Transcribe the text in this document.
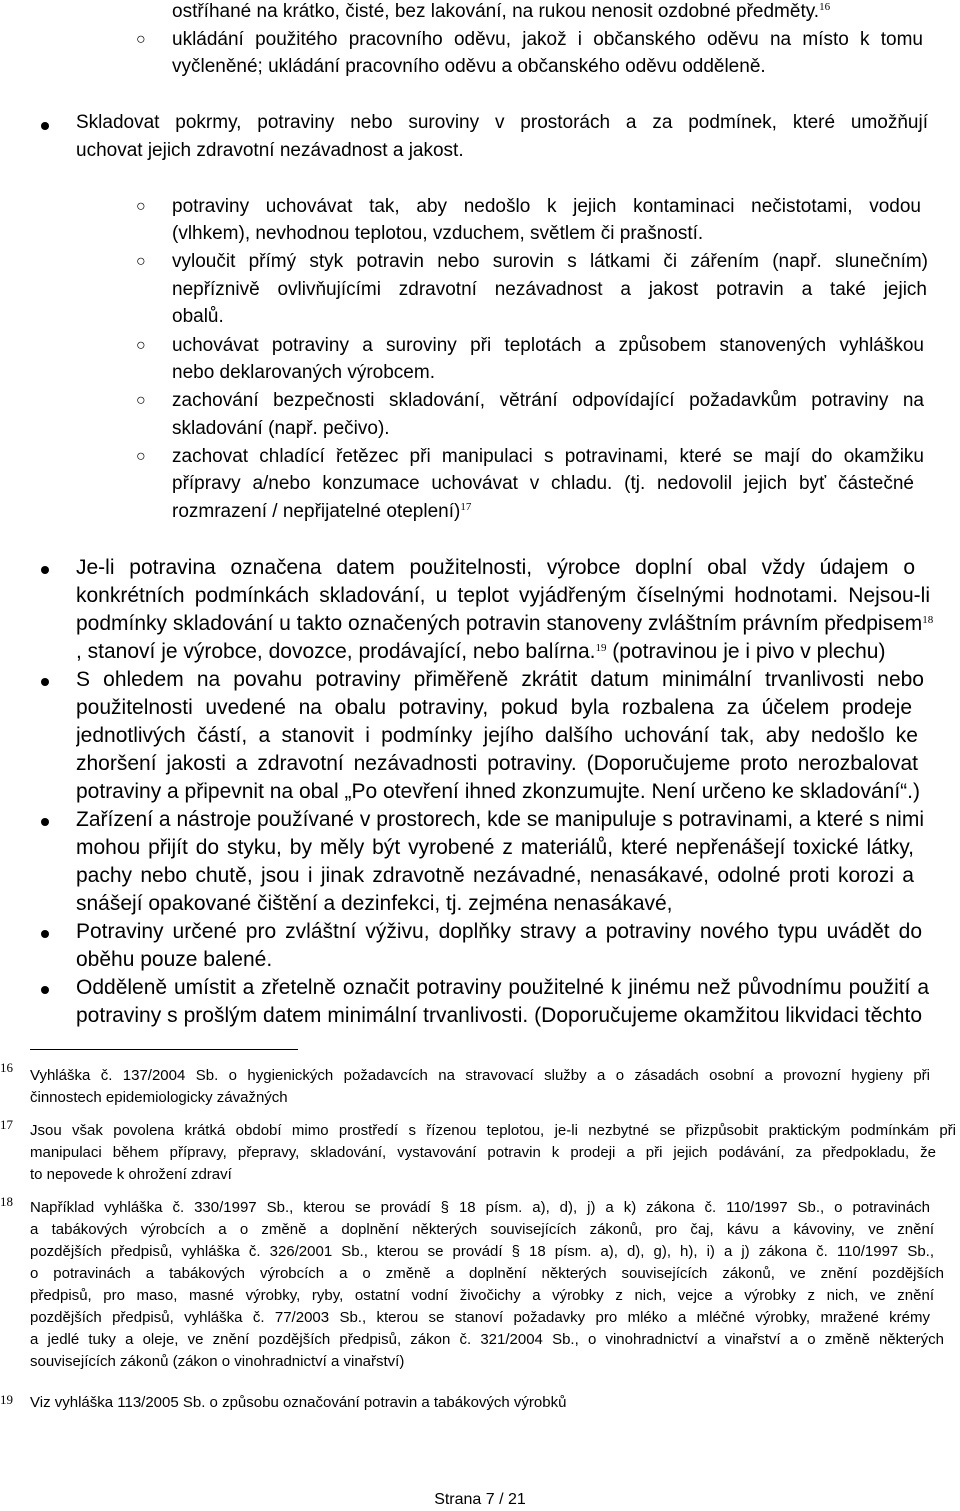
ostříhané na krátko, čisté, bez lakování, na rukou nenosit ozdobné předměty.$^{16}$
○ ukládání použitého pracovního oděvu, jakož i občanského oděvu na místo k tomu
vyčleněné; ukládání pracovního oděvu a občanského oděvu odděleně.
Skladovat pokrmy, potraviny nebo suroviny v prostorách a za podmínek, které umožňují
uchovat jejich zdravotní nezávadnost a jakost.
○ potraviny uchovávat tak, aby nedošlo k jejich kontaminaci nečistotami, vodou
(vlhkem), nevhodnou teplotou, vzduchem, světlem či prašností.
○ vyloučit přímý styk potravin nebo surovin s látkami či zářením (např. slunečním)
nepříznivě ovlivňujícími zdravotní nezávadnost a jakost potravin a také jejich
obalů.
○ uchovávat potraviny a suroviny při teplotách a způsobem stanovených vyhláškou
nebo deklarovaných výrobcem.
○ zachování bezpečnosti skladování, větrání odpovídající požadavkům potraviny na
skladování (např. pečivo).
○ zachovat chladící řetězec při manipulaci s potravinami, které se mají do okamžiku
přípravy a/nebo konzumace uchovávat v chladu. (tj. nedovolil jejich byť částečné
rozmrazení / nepřijatelné oteplení)$^{17}$
Je-li potravina označena datem použitelnosti, výrobce doplní obal vždy údajem o
konkrétních podmínkách skladování, u teplot vyjádřeným číselnými hodnotami. Nejsou-li
podmínky skladování u takto označených potravin stanoveny zvláštním právním předpisem$^{18}$
, stanoví je výrobce, dovozce, prodávající, nebo balírna.$^{19}$ (potravinou je i pivo v plechu)
S ohledem na povahu potraviny přiměřeně zkrátit datum minimální trvanlivosti nebo
použitelnosti uvedené na obalu potraviny, pokud byla rozbalena za účelem prodeje
jednotlivých částí, a stanovit i podmínky jejího dalšího uchování tak, aby nedošlo ke
zhoršení jakosti a zdravotní nezávadnosti potraviny. (Doporučujeme proto nerozbalovat
potraviny a připevnit na obal „Po otevření ihned zkonzumujte. Není určeno ke skladování“.)
Zařízení a nástroje používané v prostorech, kde se manipuluje s potravinami, a které s nimi
mohou přijít do styku, by měly být vyrobené z materiálů, které nepřenášejí toxické látky,
pachy nebo chutě, jsou i jinak zdravotně nezávadné, nenasákavé, odolné proti korozi a
snášejí opakované čištění a dezinfekci, tj. zejména nenasákavé,
Potraviny určené pro zvláštní výživu, doplňky stravy a potraviny nového typu uvádět do
oběhu pouze balené.
Odděleně umístit a zřetelně označit potraviny použitelné k jinému než původnímu použití a
potraviny s prošlým datem minimální trvanlivosti. (Doporučujeme okamžitou likvidaci těchto
16	Vyhláška č. 137/2004 Sb. o hygienických požadavcích na stravovací služby a o zásadách osobní a provozní hygieny při
činnostech epidemiologicky závažných
17	Jsou však povolena krátká období mimo prostředí s řízenou teplotou, je-li nezbytné se přizpůsobit praktickým podmínkám při
manipulaci během přípravy, přepravy, skladování, vystavování potravin k prodeji a při jejich podávání, za předpokladu, že
to nepovede k ohrožení zdraví
18	Například vyhláška č. 330/1997 Sb., kterou se provádí § 18 písm. a), d), j) a k) zákona č. 110/1997 Sb., o potravinách
a tabákových výrobcích a o změně a doplnění některých souvisejících zákonů, pro čaj, kávu a kávoviny, ve znění
pozdějších předpisů, vyhláška č. 326/2001 Sb., kterou se provádí § 18 písm. a), d), g), h), i) a j) zákona č. 110/1997 Sb.,
o potravinách a tabákových výrobcích a o změně a doplnění některých souvisejících zákonů, ve znění pozdějších
předpisů, pro maso, masné výrobky, ryby, ostatní vodní živočichy a výrobky z nich, vejce a výrobky z nich, ve znění
pozdějších předpisů, vyhláška č. 77/2003 Sb., kterou se stanoví požadavky pro mléko a mléčné výrobky, mražené krémy
a jedlé tuky a oleje, ve znění pozdějších předpisů, zákon č. 321/2004 Sb., o vinohradnictví a vinařství a o změně některých
souvisejících zákonů (zákon o vinohradnictví a vinařství)
19	Viz vyhláška 113/2005 Sb. o způsobu označování potravin a tabákových výrobků
Strana 7 / 21
